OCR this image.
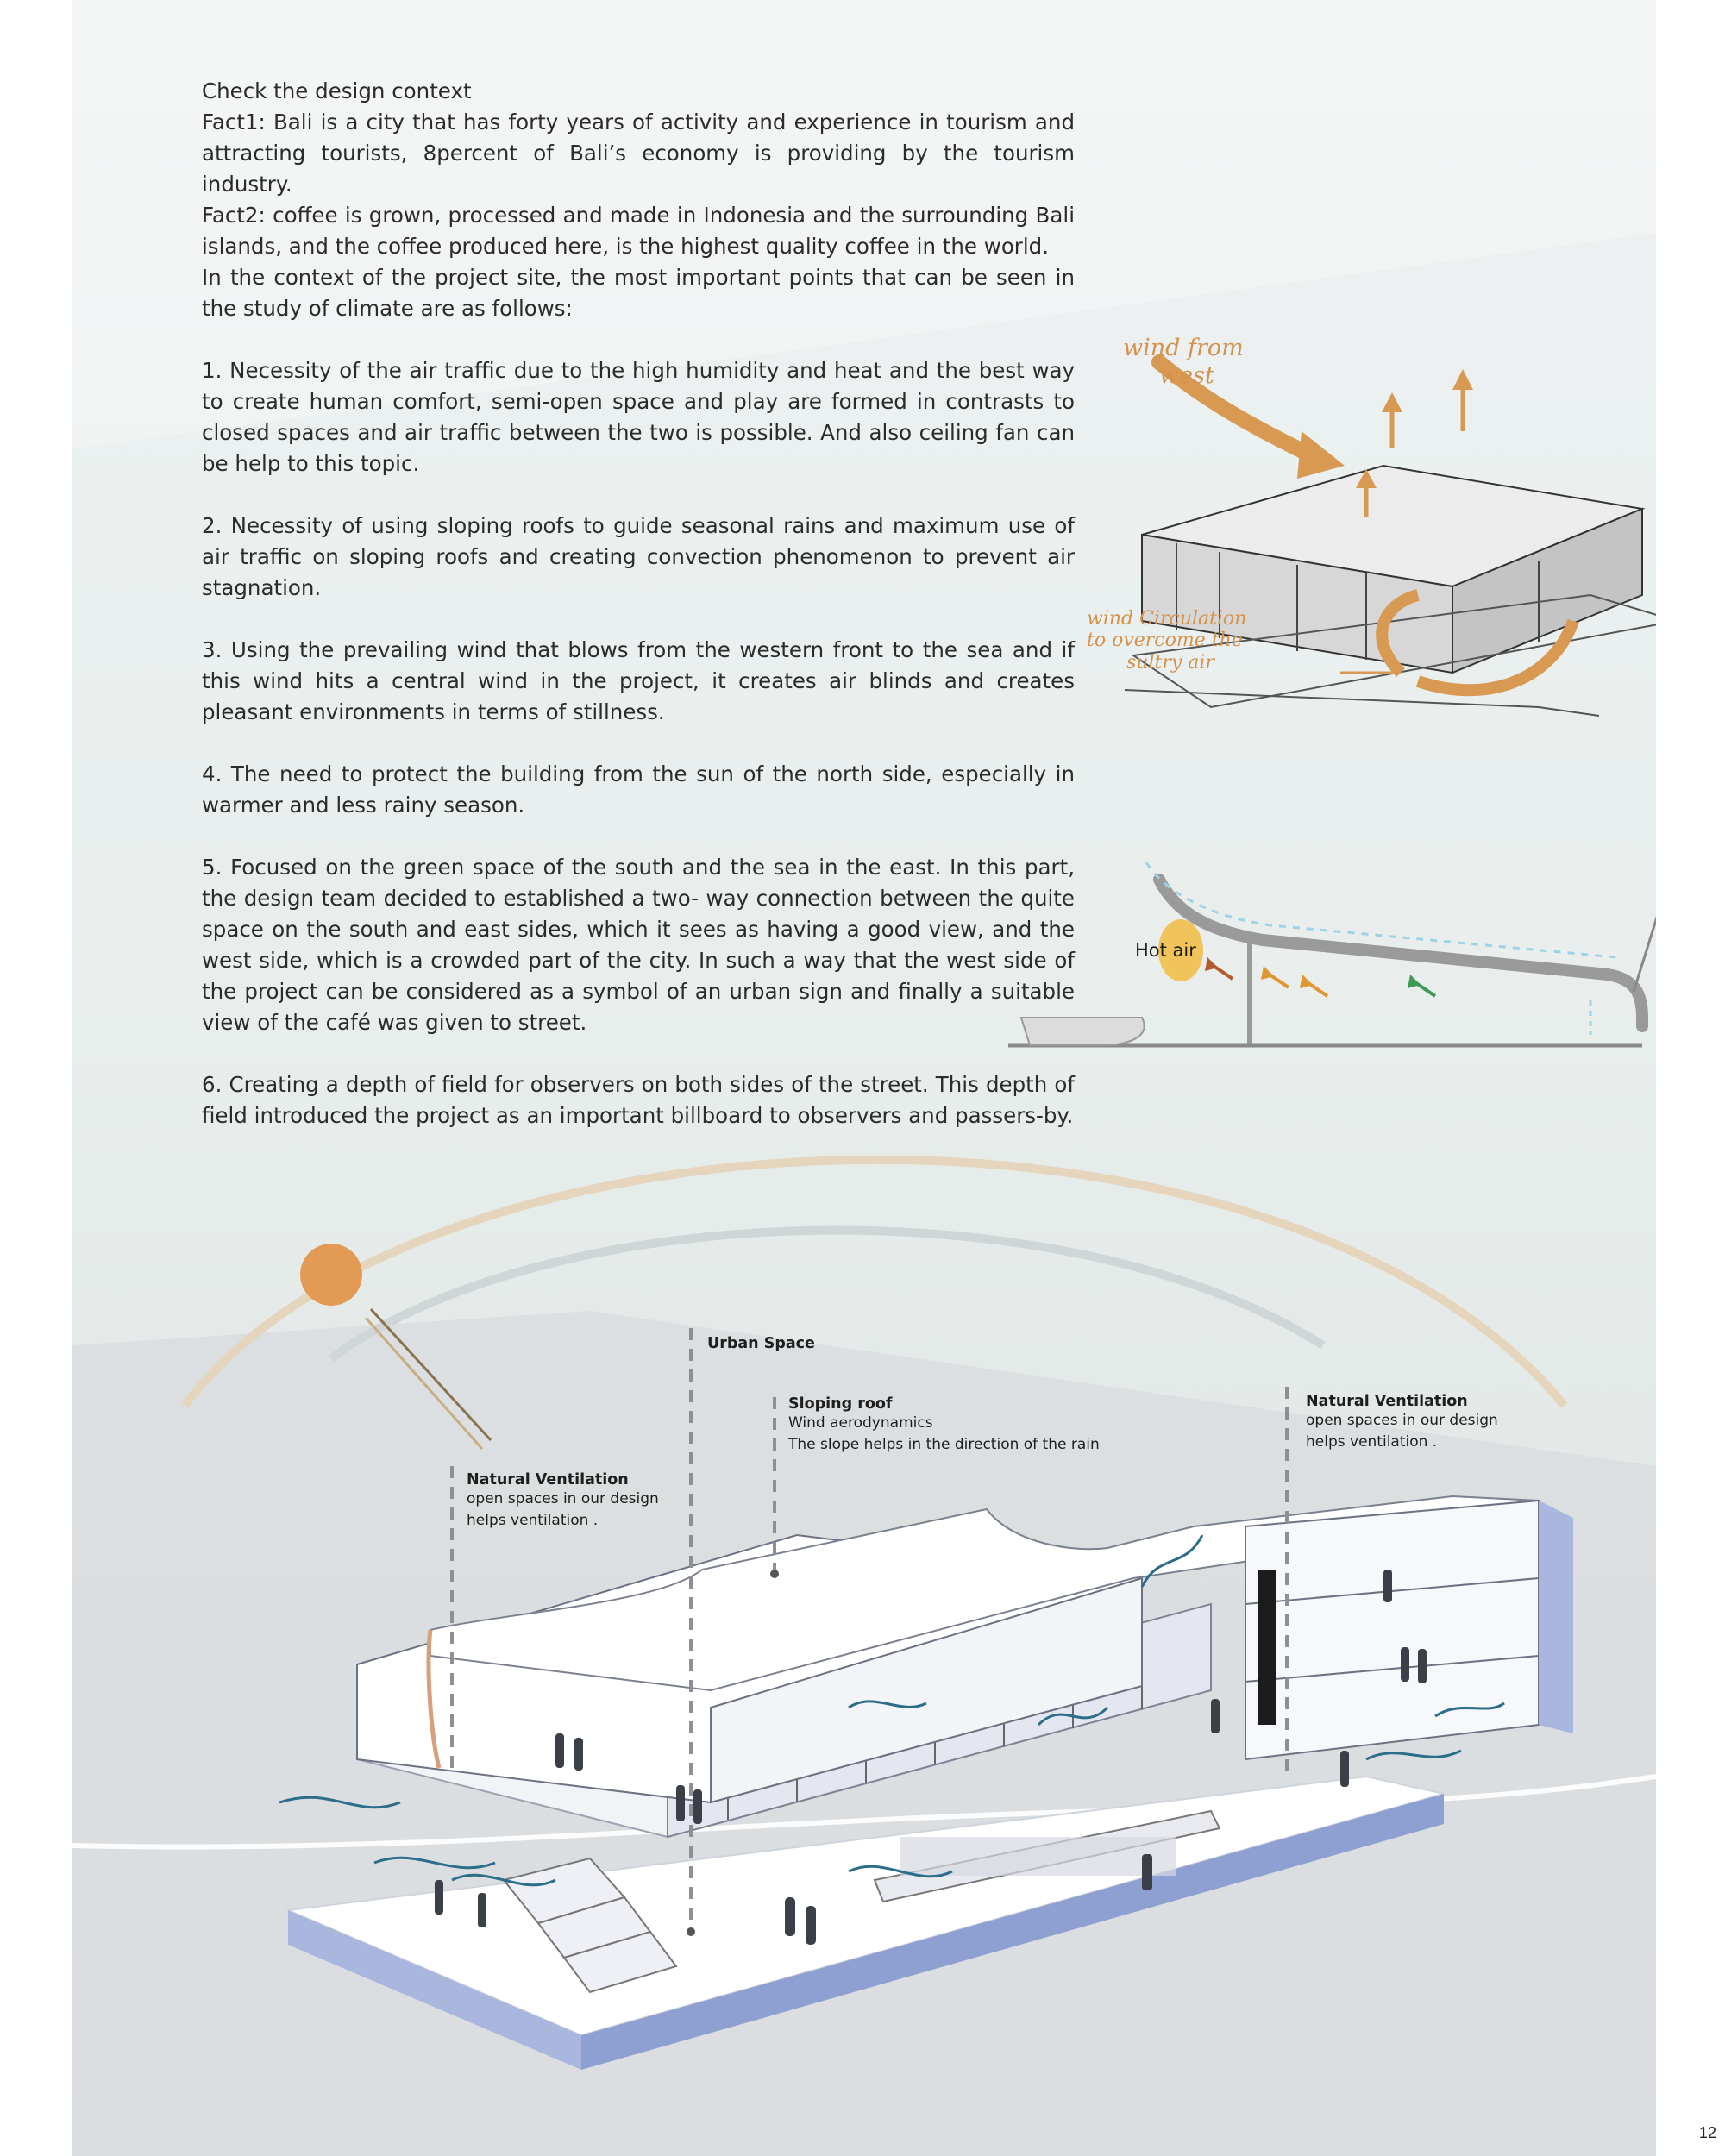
Check the design context

Fact1: Bali is a city that has forty years of activity and experience in tourism and attracting tourists, 8percent of Bali’s economy is providing by the tourism industry.

Fact2: coffee is grown, processed and made in Indonesia and the surrounding Bali islands, and the coffee produced here, is the highest quality coffee in the world.

In the context of the project site, the most important points that can be seen in the study of climate are as follows:

1. Necessity of the air traffic due to the high humidity and heat and the best way to create human comfort, semi-open space and play are formed in contrasts to closed spaces and air traffic between the two is possible. And also ceiling fan can be help to this topic.

2. Necessity of using sloping roofs to guide seasonal rains and maximum use of air traffic on sloping roofs and creating convection phenomenon to prevent air stagnation.

3. Using the prevailing wind that blows from the western front to the sea and if this wind hits a central wind in the project, it creates air blinds and creates pleasant environments in terms of stillness.

4. The need to protect the building from the sun of the north side, especially in warmer and less rainy season.

5. Focused on the green space of the south and the sea in the east. In this part, the design team decided to established a two- way connection between the quite space on the south and east sides, which it sees as having a good view, and the west side, which is a crowded part of the city. In such a way that the west side of the project can be considered as a symbol of an urban sign and finally a suitable view of the café was given to street.

6. Creating a depth of field for observers on both sides of the street. This depth of field introduced the project as an important billboard to observers and passers-by.

wind from
west
wind Circulation
to overcome the
sultry air
Hot air
Urban Space
Sloping roof
Wind aerodynamics
The slope helps in the direction of the rain
Natural Ventilation
open spaces in our design
helps ventilation .
Natural Ventilation
open spaces in our design
helps ventilation .
12
